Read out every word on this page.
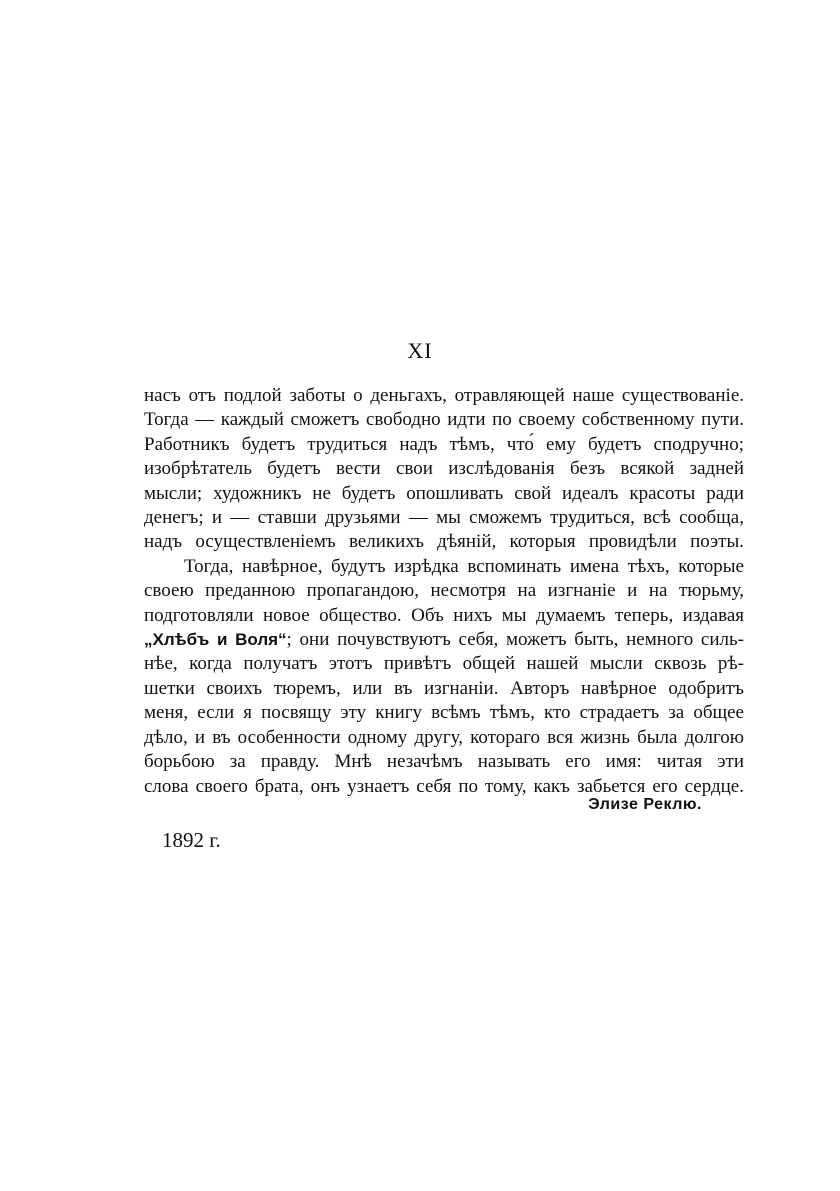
XI

насъ отъ подлой заботы о деньгахъ, отравляющей наше существованіе.
Тогда — каждый сможетъ свободно идти по своему собственному пути.
Работникъ будетъ трудиться надъ тѣмъ, что́ ему будетъ сподручно;
изобрѣтатель будетъ вести свои изслѣдованія безъ всякой задней
мысли; художникъ не будетъ опошливать свой идеалъ красоты ради
денегъ; и — ставши друзьями — мы сможемъ трудиться, всѣ сообща,
надъ осуществленіемъ великихъ дѣяній, которыя провидѣли поэты.

Тогда, навѣрное, будутъ изрѣдка вспоминать имена тѣхъ, которые
своею преданною пропагандою, несмотря на изгнаніе и на тюрьму,
подготовляли новое общество. Объ нихъ мы думаемъ теперь, издавая
„Хлѣбъ и Воля“; они почувствуютъ себя, можетъ быть, немного силь-
нѣе, когда получатъ этотъ привѣтъ общей нашей мысли сквозь рѣ-
шетки своихъ тюремъ, или въ изгнаніи. Авторъ навѣрное одобритъ
меня, если я посвящу эту книгу всѣмъ тѣмъ, кто страдаетъ за общее
дѣло, и въ особенности одному другу, котораго вся жизнь была долгою
борьбою за правду. Мнѣ незачѣмъ называть его имя: читая эти
слова своего брата, онъ узнаетъ себя по тому, какъ забьется его сердце.

Элизе Реклю.

1892 г.
